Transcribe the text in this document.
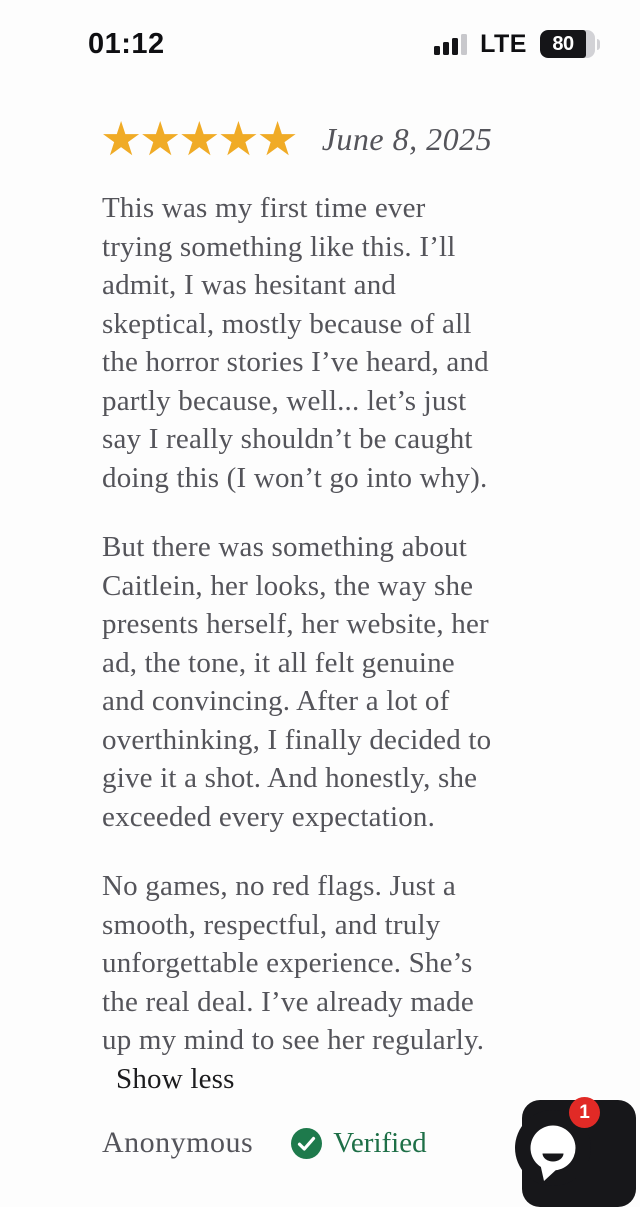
01:12	LTE 80
★★★★★ June 8, 2025
This was my first time ever
trying something like this. I’ll
admit, I was hesitant and
skeptical, mostly because of all
the horror stories I’ve heard, and
partly because, well... let’s just
say I really shouldn’t be caught
doing this (I won’t go into why).
But there was something about
Caitlein, her looks, the way she
presents herself, her website, her
ad, the tone, it all felt genuine
and convincing. After a lot of
overthinking, I finally decided to
give it a shot. And honestly, she
exceeded every expectation.
No games, no red flags. Just a
smooth, respectful, and truly
unforgettable experience. She’s
the real deal. I’ve already made
up my mind to see her regularly.
Show less
Anonymous	Verified
1
